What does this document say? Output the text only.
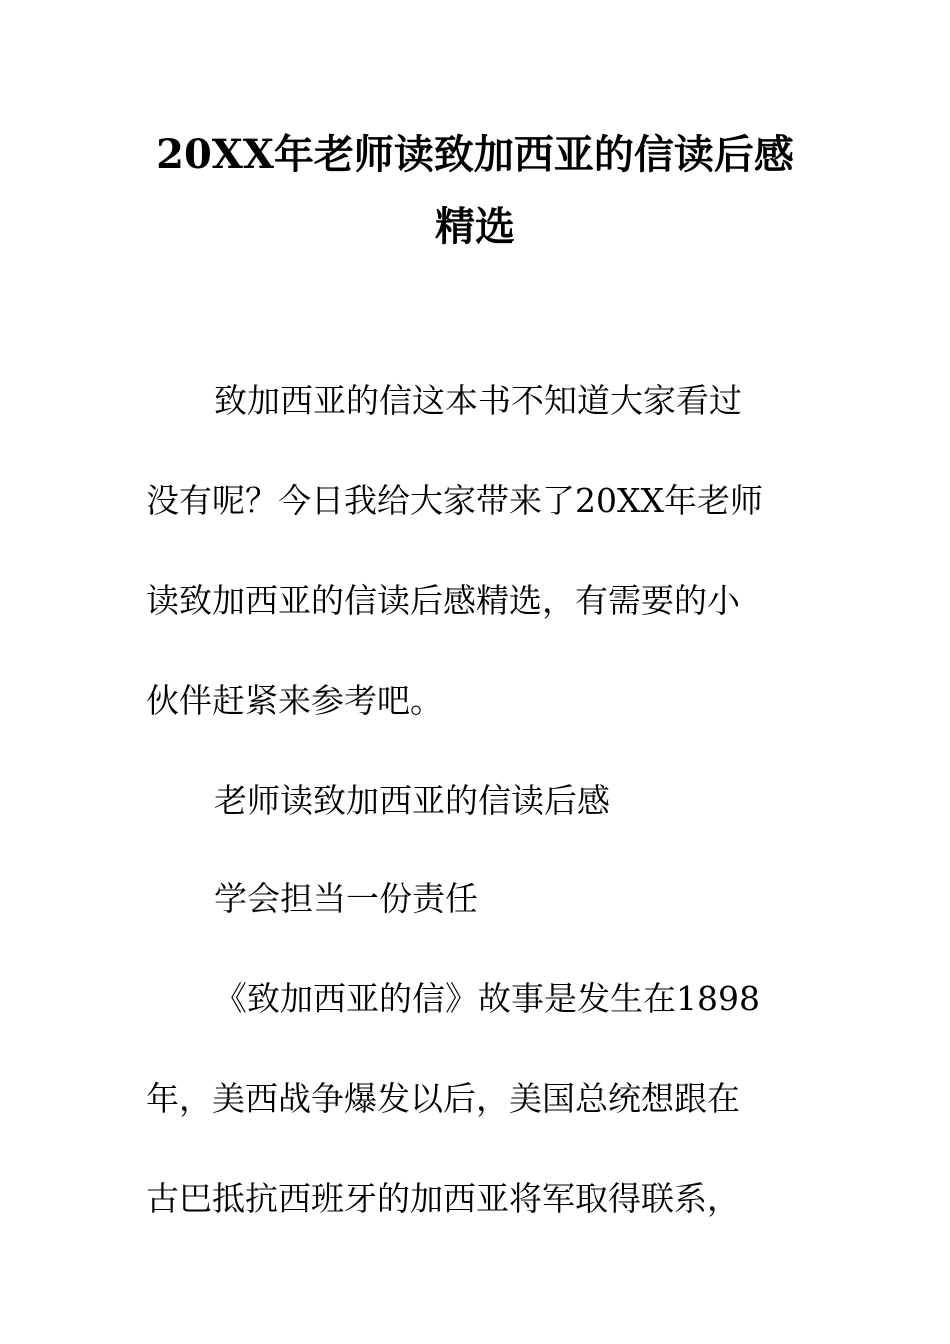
20XX年老师读致加西亚的信读后感
精选
致加西亚的信这本书不知道大家看过
没有呢？今日我给大家带来了20XX年老师
读致加西亚的信读后感精选，有需要的小
伙伴赶紧来参考吧。
老师读致加西亚的信读后感
学会担当一份责任
《致加西亚的信》故事是发生在1898
年，美西战争爆发以后，美国总统想跟在
古巴抵抗西班牙的加西亚将军取得联系，
